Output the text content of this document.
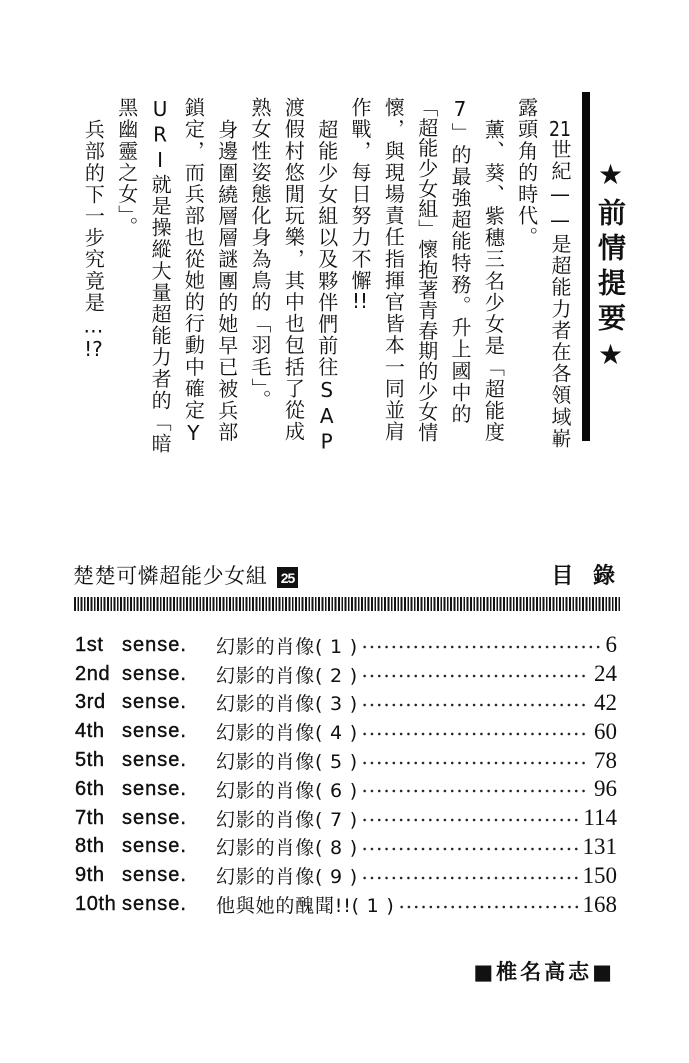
★前情提要★
21世紀——是超能力者在各領域嶄
露頭角的時代。
薰、葵、紫穗三名少女是「超能度
7」的最強超能特務。升上國中的
「超能少女組」懷抱著青春期的少女情
懷，與現場責任指揮官皆本一同並肩
作戰，每日努力不懈!!
超能少女組以及夥伴們前往SAP
渡假村悠閒玩樂，其中也包括了從成
熟女性姿態化身為鳥的「羽毛」。
身邊圍繞層層謎團的她早已被兵部
鎖定，而兵部也從她的行動中確定Y
URI就是操縱大量超能力者的「暗
黑幽靈之女」。
兵部的下一步究竟是…!?
楚楚可憐超能少女組 25	目 錄
1st sense.	幻影的肖像( 1 )	6
2nd sense.	幻影的肖像( 2 )	24
3rd sense.	幻影的肖像( 3 )	42
4th sense.	幻影的肖像( 4 )	60
5th sense.	幻影的肖像( 5 )	78
6th sense.	幻影的肖像( 6 )	96
7th sense.	幻影的肖像( 7 )	114
8th sense.	幻影的肖像( 8 )	131
9th sense.	幻影的肖像( 9 )	150
10th sense.	他與她的醜聞!!( 1 )	168
■椎名高志■
